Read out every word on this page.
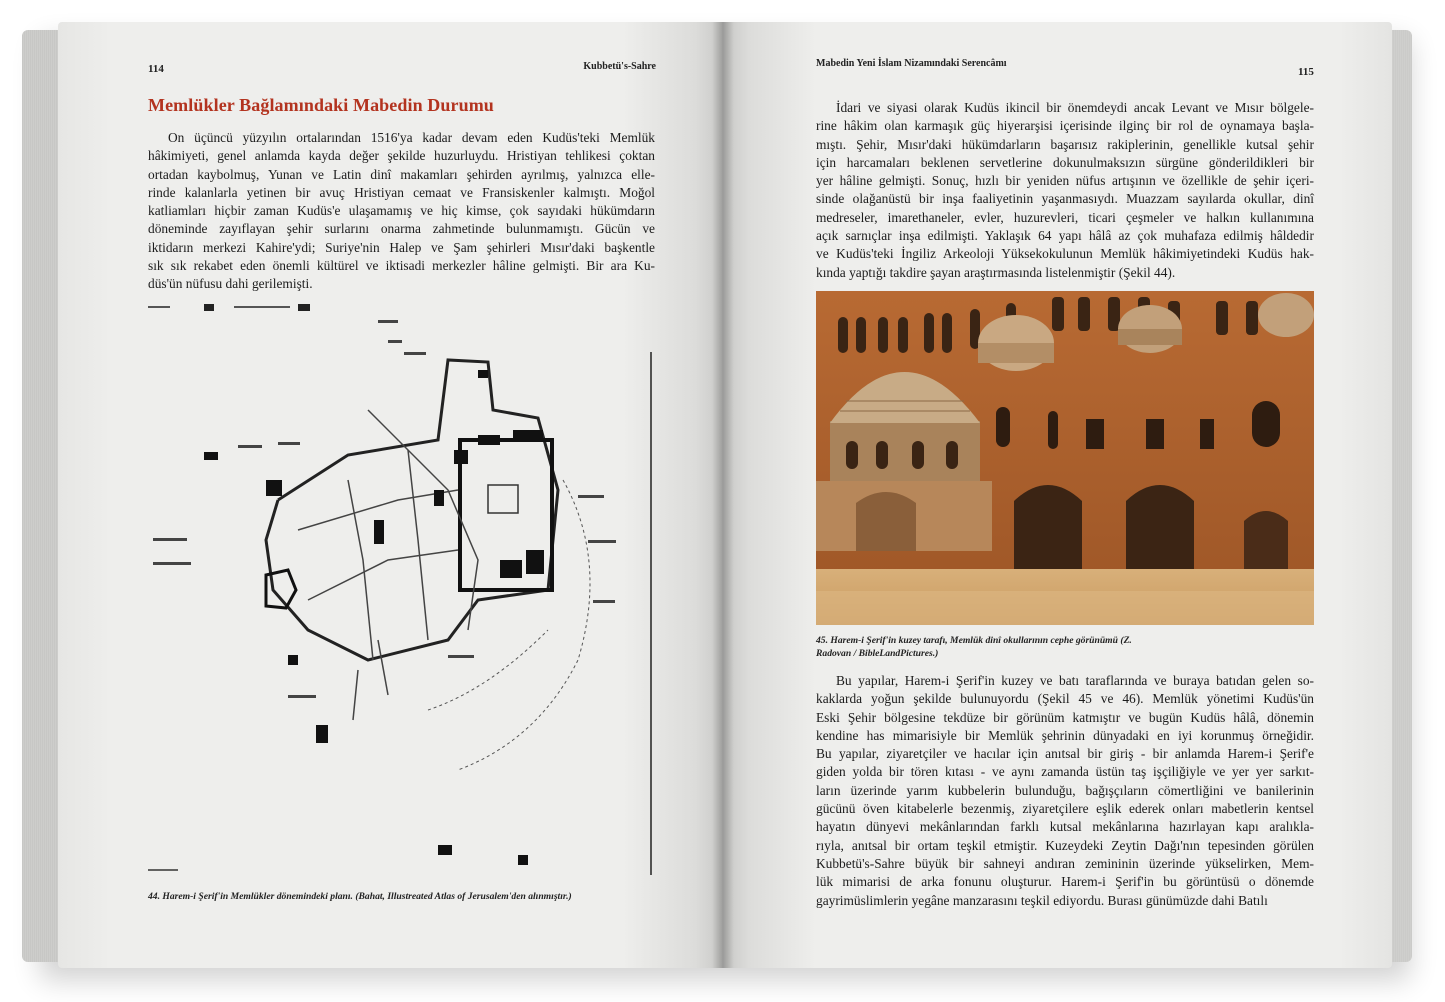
114	Kubbetü's-Sahre
Memlükler Bağlamındaki Mabedin Durumu
On üçüncü yüzyılın ortalarından 1516'ya kadar devam eden Kudüs'teki Memlük
hâkimiyeti, genel anlamda kayda değer şekilde huzurluydu. Hristiyan tehlikesi çoktan
ortadan kaybolmuş, Yunan ve Latin dinî makamları şehirden ayrılmış, yalnızca elle-
rinde kalanlarla yetinen bir avuç Hristiyan cemaat ve Fransiskenler kalmıştı. Moğol
katliamları hiçbir zaman Kudüs'e ulaşamamış ve hiç kimse, çok sayıdaki hükümdarın
döneminde zayıflayan şehir surlarını onarma zahmetinde bulunmamıştı. Gücün ve
iktidarın merkezi Kahire'ydi; Suriye'nin Halep ve Şam şehirleri Mısır'daki başkentle
sık sık rekabet eden önemli kültürel ve iktisadi merkezler hâline gelmişti. Bir ara Ku-
düs'ün nüfusu dahi gerilemişti.
44. Harem-i Şerif'in Memlükler dönemindeki planı. (Bahat, Illustreated Atlas of Jerusalem'den alınmıştır.)
Mabedin Yeni İslam Nizamındaki Serencâmı
115
İdari ve siyasi olarak Kudüs ikincil bir önemdeydi ancak Levant ve Mısır bölgele-
rine hâkim olan karmaşık güç hiyerarşisi içerisinde ilginç bir rol de oynamaya başla-
mıştı. Şehir, Mısır'daki hükümdarların başarısız rakiplerinin, genellikle kutsal şehir
için harcamaları beklenen servetlerine dokunulmaksızın sürgüne gönderildikleri bir
yer hâline gelmişti. Sonuç, hızlı bir yeniden nüfus artışının ve özellikle de şehir içeri-
sinde olağanüstü bir inşa faaliyetinin yaşanmasıydı. Muazzam sayılarda okullar, dinî
medreseler, imarethaneler, evler, huzurevleri, ticari çeşmeler ve halkın kullanımına
açık sarnıçlar inşa edilmişti. Yaklaşık 64 yapı hâlâ az çok muhafaza edilmiş hâldedir
ve Kudüs'teki İngiliz Arkeoloji Yüksekokulunun Memlük hâkimiyetindeki Kudüs hak-
kında yaptığı takdire şayan araştırmasında listelenmiştir (Şekil 44).
45. Harem-i Şerif'in kuzey tarafı, Memlük dinî okullarının cephe görünümü (Z.
Radovan / BibleLandPictures.)
Bu yapılar, Harem-i Şerif'in kuzey ve batı taraflarında ve buraya batıdan gelen so-
kaklarda yoğun şekilde bulunuyordu (Şekil 45 ve 46). Memlük yönetimi Kudüs'ün
Eski Şehir bölgesine tekdüze bir görünüm katmıştır ve bugün Kudüs hâlâ, dönemin
kendine has mimarisiyle bir Memlük şehrinin dünyadaki en iyi korunmuş örneğidir.
Bu yapılar, ziyaretçiler ve hacılar için anıtsal bir giriş - bir anlamda Harem-i Şerif'e
giden yolda bir tören kıtası - ve aynı zamanda üstün taş işçiliğiyle ve yer yer sarkıt-
ların üzerinde yarım kubbelerin bulunduğu, bağışçıların cömertliğini ve banilerinin
gücünü öven kitabelerle bezenmiş, ziyaretçilere eşlik ederek onları mabetlerin kentsel
hayatın dünyevi mekânlarından farklı kutsal mekânlarına hazırlayan kapı aralıkla-
rıyla, anıtsal bir ortam teşkil etmiştir. Kuzeydeki Zeytin Dağı'nın tepesinden görülen
Kubbetü's-Sahre büyük bir sahneyi andıran zemininin üzerinde yükselirken, Mem-
lük mimarisi de arka fonunu oluşturur. Harem-i Şerif'in bu görüntüsü o dönemde
gayrimüslimlerin yegâne manzarasını teşkil ediyordu. Burası günümüzde dahi Batılı
